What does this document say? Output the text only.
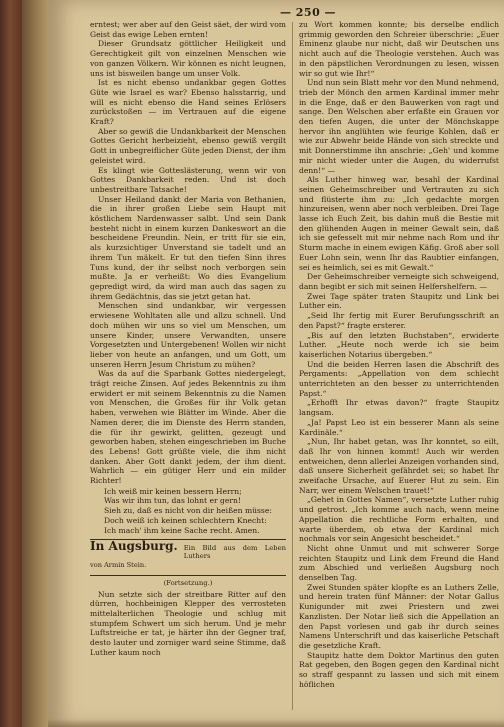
— 250 —

erntest; wer aber auf den Geist säet, der wird vom Geist das ewige Leben ernten!

Dieser Grundsatz göttlicher Heiligkeit und Gerechtigkeit gilt von einzelnen Menschen wie von ganzen Völkern. Wir können es nicht leugnen, uns ist bisweilen bange um unser Volk.

Ist es nicht ebenso undankbar gegen Gottes Güte wie Israel es war? Ebenso halsstarrig, und will es nicht ebenso die Hand seines Erlösers zurückstoßen — im Vertrauen auf die eigene Kraft?

Aber so gewiß die Undankbarkeit der Menschen Gottes Gericht herbeizieht, ebenso gewiß vergilt Gott in unbegreiflicher Güte jeden Dienst, der ihm geleistet wird.

Es klingt wie Gotteslästerung, wenn wir von Gottes Dankbarkeit reden. Und ist doch unbestreitbare Tatsache!

Unser Heiland dankt der Maria von Bethanien, die in ihrer großen Liebe sein Haupt mit köstlichem Nardenwasser salbt. Und sein Dank besteht nicht in einem kurzen Dankeswort an die bescheidene Freundin. Nein, er tritt für sie ein, als kurzsichtiger Unverstand sie tadelt und an ihrem Tun mäkelt. Er tut den tiefen Sinn ihres Tuns kund, der ihr selbst noch verborgen sein mußte. Ja er verheißt: Wo dies Evangelium gepredigt wird, da wird man auch das sagen zu ihrem Gedächtnis, das sie jetzt getan hat.

Menschen sind undankbar, wir vergessen erwiesene Wohltaten alle und allzu schnell. Und doch mühen wir uns so viel um Menschen, um unsere Kinder, unsere Verwandten, unsere Vorgesetzten und Untergebenen! Wollen wir nicht lieber von heute an anfangen, und um Gott, um unseren Herrn Jesum Christum zu mühen?

Was da auf die Sparbank Gottes niedergelegt, trägt reiche Zinsen. Auf jedes Bekenntnis zu ihm erwidert er mit seinem Bekenntnis zu die Namen von Menschen, die Großes für ihr Volk getan haben, verwehen wie Blätter im Winde. Aber die Namen derer, die im Dienste des Herrn standen, die für ihr gewirkt, gelitten, gezeugt und geworben haben, stehen eingeschrieben im Buche des Lebens! Gott grüßte viele, die ihm nicht danken. Aber Gott dankt jedem, der ihm dient. Wahrlich — ein gütiger Herr und ein milder Richter!

Ich weiß mir keinen bessern Herrn;
Was wir ihm tun, das lohnt er gern!
Sieh zu, daß es nicht von dir heißen müsse:
Doch weiß ich keinen schlechtern Knecht:
Ich mach' ihm keine Sache recht. Amen.
In Augsburg. Ein Bild aus dem Leben Luthers
von Armin Stein.
(Fortsetzung.)

Nun setzte sich der streitbare Ritter auf den dürren, hochbeinigen Klepper des verrosteten mittelalterlichen Theologie und schlug mit stumpfem Schwert um sich herum. Und je mehr Luftstreiche er tat, je härter ihn der Gegner traf, desto lauter und zorniger ward seine Stimme, daß Luther kaum noch

zu Wort kommen konnte; bis derselbe endlich grimmig geworden den Schreier überschrie: „Euer Eminenz glaube nur nicht, daß wir Deutschen uns nicht auch auf die Theologie verstehen. Auch was in den päpstlichen Verordnungen zu lesen, wissen wir so gut wie Ihr!“

Und nun sein Blatt mehr vor den Mund nehmend, trieb der Mönch den armen Kardinal immer mehr in die Enge, daß er den Bauwerken von ragt und sange. Den Welschen aber erfaßte ein Grauen vor den tiefen Augen, die unter der Mönchskappe hervor ihn anglühten wie feurige Kohlen, daß er wie zur Abwehr beide Hände von sich streckte und mit Donnerstimme ihn anschrie: „Geh' und komme mir nicht wieder unter die Augen, du widerrufst denn!“ —

Als Luther hinweg war, besahl der Kardinal seinen Geheimschreiber und Vertrauten zu sich und flüsterte ihm zu: „Ich gedachte morgen hinzureisen, wenn aber noch verbleiben. Drei Tage lasse ich Euch Zeit, bis dahin muß die Bestie mit den glühenden Augen in meiner Gewalt sein, daß ich sie gefesselt mit mir nehme nach Rom und ihr Sturm mache in einem ewigen Käfig. Groß aber soll Euer Lohn sein, wenn Ihr das Raubtier einfangen, sei es heimlich, sei es mit Gewalt.“

Der Geheimschreiber verneigte sich schweigend, dann begibt er sich mit seinen Helfershelfern. —

Zwei Tage später traten Staupitz und Link bei Luther ein.

„Seid Ihr fertig mit Eurer Berufungsschrift an den Papst?“ fragte ersterer.

„Bis auf den letzten Buchstaben“, erwiderte Luther. „Heute noch werde ich sie beim kaiserlichen Notarius übergeben.“

Und die beiden Herren lasen die Abschrift des Pergaments: „Appellation von dem schlecht unterrichteten an den besser zu unterrichtenden Papst.“

„Erhofft Ihr etwas davon?“ fragte Staupitz langsam.

„Ja! Papst Leo ist ein besserer Mann als seine Kardinäle.“

„Nun, Ihr habet getan, was Ihr konntet, so eilt, daß Ihr von hinnen kommt! Auch wir werden entweichen, denn allerlei Anzeigen vorhanden sind, daß unsere Sicherheit gefährdet sei; so habet Ihr zweifache Ursache, auf Euerer Hut zu sein. Ein Narr, wer einem Welschen trauet!“

„Gehet in Gottes Namen“, versetzte Luther ruhig und getrost. „Ich komme auch nach, wenn meine Appellation die rechtliche Form erhalten, und warte überdem, ob etwa der Kardinal mich nochmals vor sein Angesicht bescheidet.“

Nicht ohne Unmut und mit schwerer Sorge reichten Staupitz und Link dem Freund die Hand zum Abschied und verließen Augsburg noch denselben Tag.

Zwei Stunden später klopfte es an Luthers Zelle, und herein traten fünf Männer: der Notar Gallus Kunigunder mit zwei Priestern und zwei Kanzlisten. Der Notar ließ sich die Appellation an den Papst vorlesen und gab ihr durch seines Namens Unterschrift und das kaiserliche Petschaft die gesetzliche Kraft.

Staupitz hatte dem Doktor Martinus den guten Rat gegeben, den Bogen gegen den Kardinal nicht so straff gespannt zu lassen und sich mit einem höflichen
